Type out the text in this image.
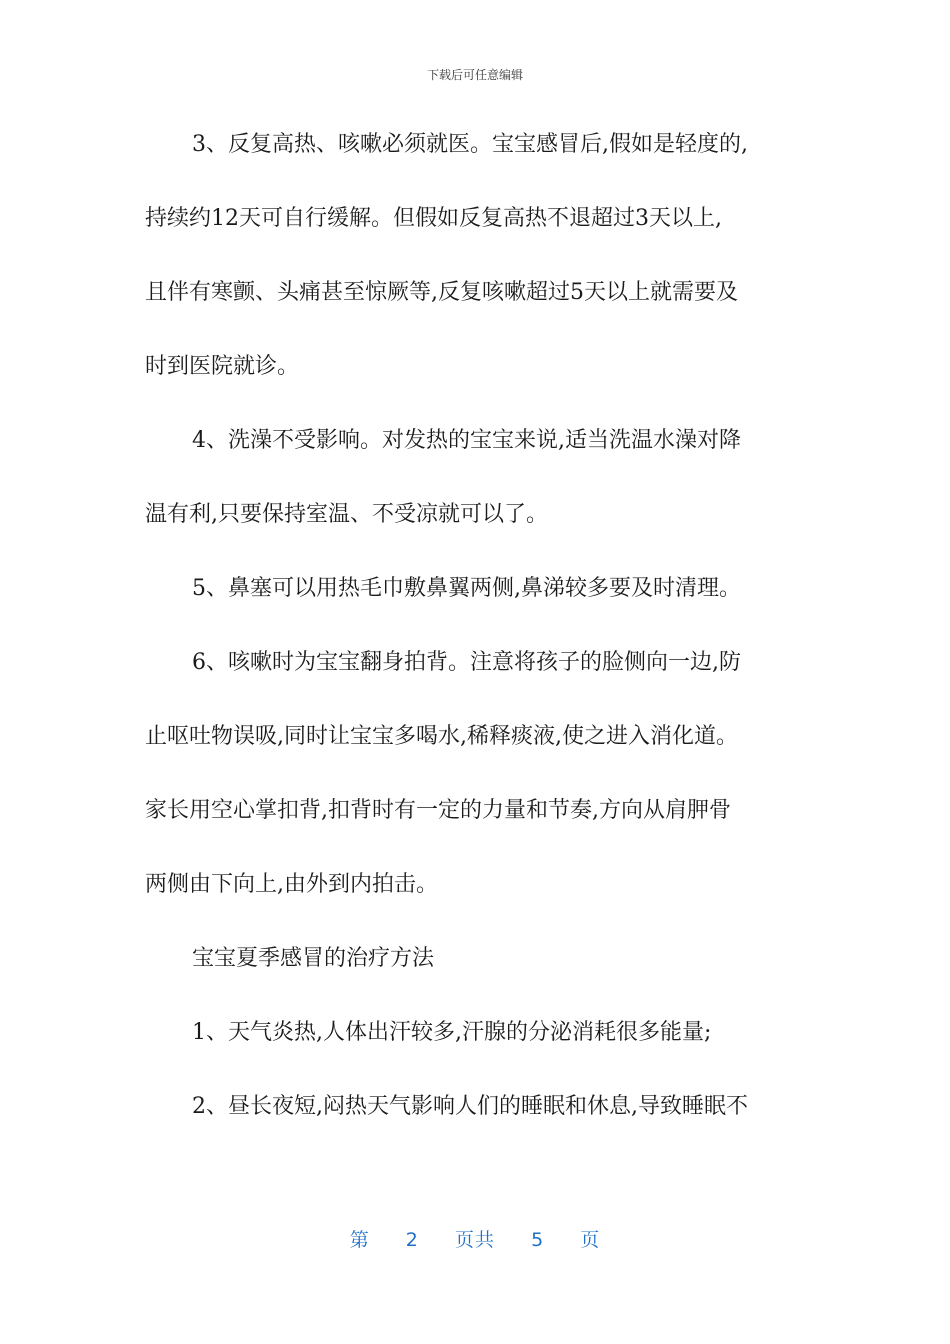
下载后可任意编辑
3、反复高热、咳嗽必须就医。宝宝感冒后,假如是轻度的,
持续约12天可自行缓解。但假如反复高热不退超过3天以上,
且伴有寒颤、头痛甚至惊厥等,反复咳嗽超过5天以上就需要及
时到医院就诊。
4、洗澡不受影响。对发热的宝宝来说,适当洗温水澡对降
温有利,只要保持室温、不受凉就可以了。
5、鼻塞可以用热毛巾敷鼻翼两侧,鼻涕较多要及时清理。
6、咳嗽时为宝宝翻身拍背。注意将孩子的脸侧向一边,防
止呕吐物误吸,同时让宝宝多喝水,稀释痰液,使之进入消化道。
家长用空心掌扣背,扣背时有一定的力量和节奏,方向从肩胛骨
两侧由下向上,由外到内拍击。
宝宝夏季感冒的治疗方法
1、天气炎热,人体出汗较多,汗腺的分泌消耗很多能量;
2、昼长夜短,闷热天气影响人们的睡眠和休息,导致睡眠不
第 2 页共 5 页
